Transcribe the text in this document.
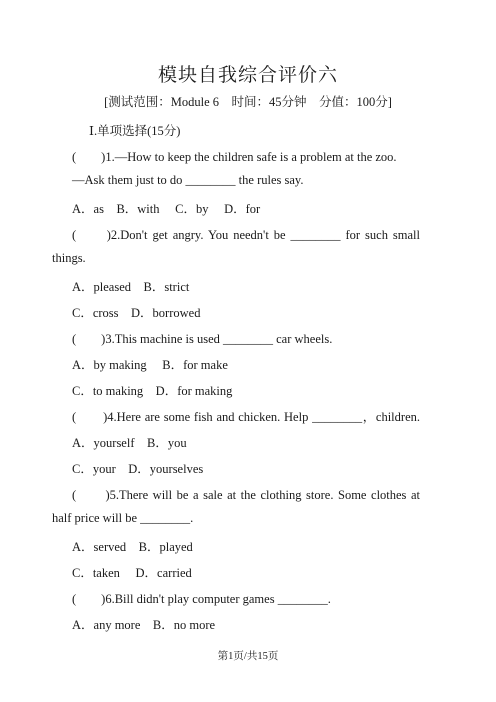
模块自我综合评价六
[测试范围：Module 6　时间：45分钟　分值：100分]
Ⅰ.单项选择(15分)
(　　)1.—How to keep the children safe is a problem at the zoo.
—Ask them just to do ________ the rules say.
A．as　B．with　 C．by　 D．for
(　　)2.Don't get angry. You needn't be ________ for such small
things.
A．pleased　B．strict
C．cross　D．borrowed
(　　)3.This machine is used ________ car wheels.
A．by making　 B．for make
C．to making　D．for making
(　　)4.Here are some fish and chicken. Help ________，children.
A．yourself　B．you
C．your　D．yourselves
(　　)5.There will be a sale at the clothing store. Some clothes at
half price will be ________.
A．served　B．played
C．taken　 D．carried
(　　)6.Bill didn't play computer games ________.
A．any more　B．no more
第1页/共15页
